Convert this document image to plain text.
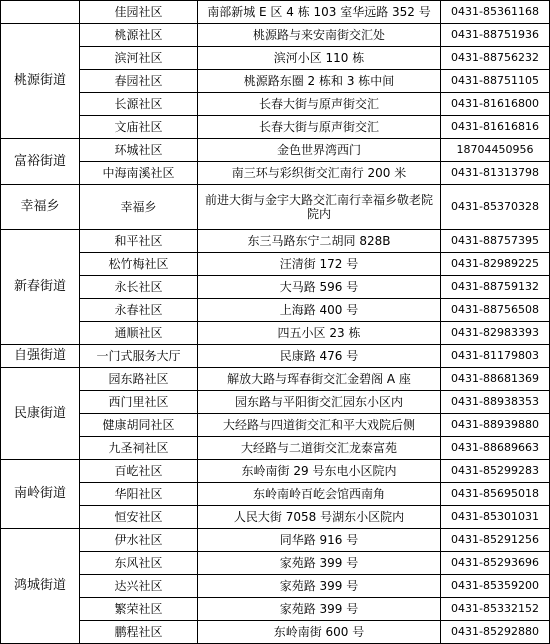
	佳园社区	南部新城 E 区 4 栋 103 室华远路 352 号	0431-85361168
桃源街道	桃源社区	桃源路与来安南街交汇处	0431-88751936
	滨河社区	滨河小区 110 栋	0431-88756232
	春园社区	桃源路东圈 2 栋和 3 栋中间	0431-88751105
	长源社区	长春大街与原声街交汇	0431-81616800
	文庙社区	长春大街与原声街交汇	0431-81616816
富裕街道	环城社区	金色世界湾西门	18704450956
	中海南溪社区	南三环与彩织街交汇南行 200 米	0431-81313798
幸福乡	幸福乡	前进大街与金宇大路交汇南行幸福乡敬老院院内	0431-85370328
新春街道	和平社区	东三马路东宁二胡同 828B	0431-88757395
	松竹梅社区	汪清街 172 号	0431-82989225
	永长社区	大马路 596 号	0431-88759132
	永春社区	上海路 400 号	0431-88756508
	通顺社区	四五小区 23 栋	0431-82983393
自强街道	一门式服务大厅	民康路 476 号	0431-81179803
民康街道	园东路社区	解放大路与珲春街交汇金碧阁 A 座	0431-88681369
	西门里社区	园东路与平阳街交汇园东小区内	0431-88938353
	健康胡同社区	大经路与四道街交汇和平大戏院后侧	0431-88939880
	九圣祠社区	大经路与二道街交汇龙泰富苑	0431-88689663
南岭街道	百屹社区	东岭南街 29 号东电小区院内	0431-85299283
	华阳社区	东岭南岭百屹会馆西南角	0431-85695018
	恒安社区	人民大街 7058 号湖东小区院内	0431-85301031
鸿城街道	伊水社区	同华路 916 号	0431-85291256
	东风社区	家苑路 399 号	0431-85293696
	达兴社区	家苑路 399 号	0431-85359200
	繁荣社区	家苑路 399 号	0431-85332152
	鹏程社区	东岭南街 600 号	0431-85292880
